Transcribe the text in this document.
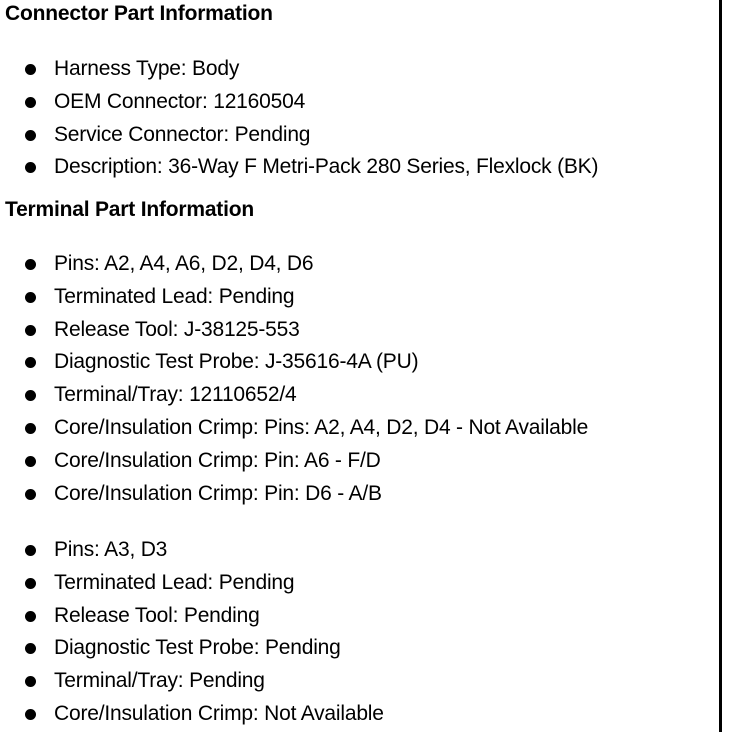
Connector Part Information
Harness Type: Body
OEM Connector: 12160504
Service Connector: Pending
Description: 36-Way F Metri-Pack 280 Series, Flexlock (BK)
Terminal Part Information
Pins: A2, A4, A6, D2, D4, D6
Terminated Lead: Pending
Release Tool: J-38125-553
Diagnostic Test Probe: J-35616-4A (PU)
Terminal/Tray: 12110652/4
Core/Insulation Crimp: Pins: A2, A4, D2, D4 - Not Available
Core/Insulation Crimp: Pin: A6 - F/D
Core/Insulation Crimp: Pin: D6 - A/B
Pins: A3, D3
Terminated Lead: Pending
Release Tool: Pending
Diagnostic Test Probe: Pending
Terminal/Tray: Pending
Core/Insulation Crimp: Not Available
